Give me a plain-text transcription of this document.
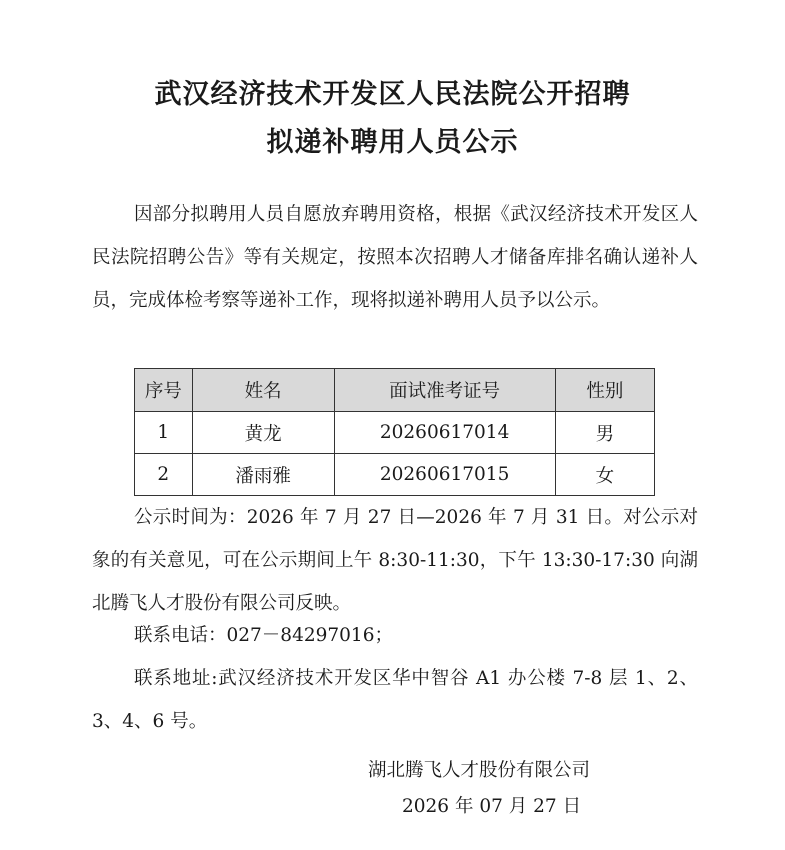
武汉经济技术开发区人民法院公开招聘
拟递补聘用人员公示

因部分拟聘用人员自愿放弃聘用资格，根据《武汉经济技术开发区人民法院招聘公告》等有关规定，按照本次招聘人才储备库排名确认递补人员，完成体检考察等递补工作，现将拟递补聘用人员予以公示。

序号	姓名	面试准考证号	性别
1	黄龙	20260617014	男
2	潘雨雅	20260617015	女

公示时间为：2026 年 7 月 27 日—2026 年 7 月 31 日。对公示对象的有关意见，可在公示期间上午 8:30-11:30，下午 13:30-17:30 向湖北腾飞人才股份有限公司反映。

联系电话：027－84297016；

联系地址:武汉经济技术开发区华中智谷 A1 办公楼 7-8 层 1、2、3、4、6 号。

湖北腾飞人才股份有限公司

2026 年 07 月 27 日
